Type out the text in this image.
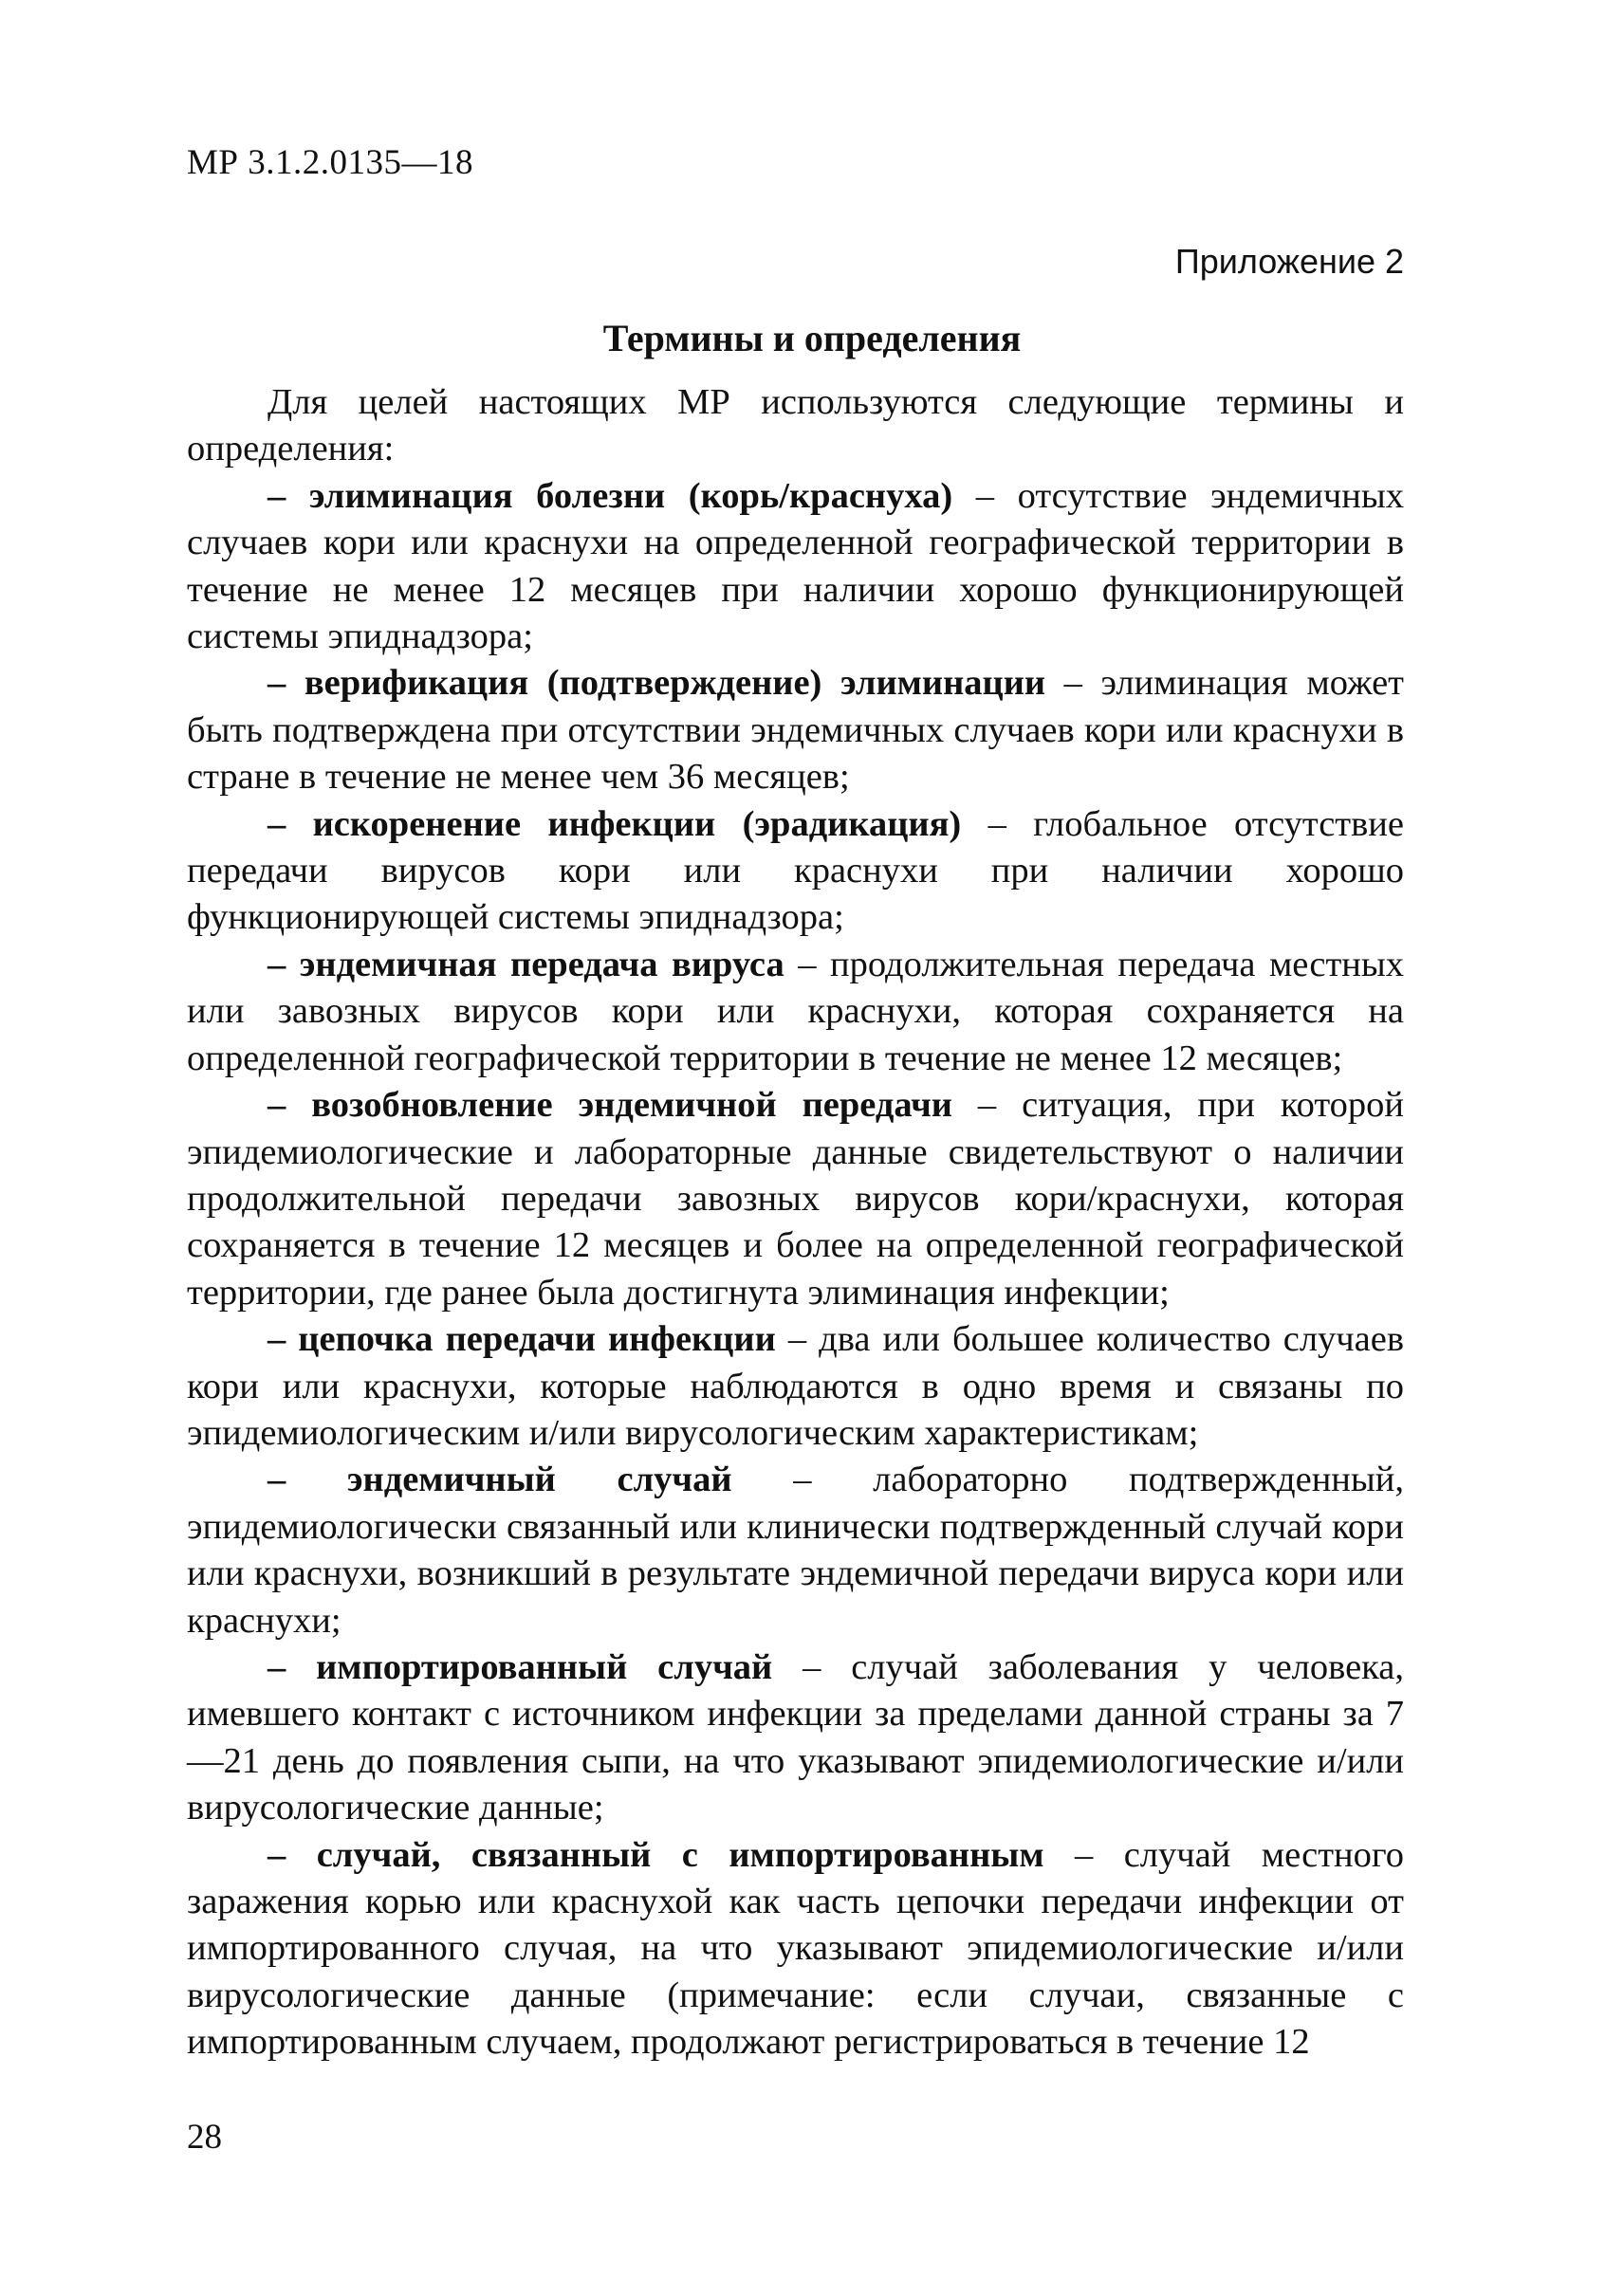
МР 3.1.2.0135—18
Приложение 2
Термины и определения

Для целей настоящих МР используются следующие термины и определения:

– элиминация болезни (корь/краснуха) – отсутствие эндемичных случаев кори или краснухи на определенной географической территории в течение не менее 12 месяцев при наличии хорошо функционирующей системы эпиднадзора;

– верификация (подтверждение) элиминации – элиминация может быть подтверждена при отсутствии эндемичных случаев кори или краснухи в стране в течение не менее чем 36 месяцев;

– искоренение инфекции (эрадикация) – глобальное отсутствие передачи вирусов кори или краснухи при наличии хорошо функционирующей системы эпиднадзора;

– эндемичная передача вируса – продолжительная передача местных или завозных вирусов кори или краснухи, которая сохраняется на определенной географической территории в течение не менее 12 месяцев;

– возобновление эндемичной передачи – ситуация, при которой эпидемиологические и лабораторные данные свидетельствуют о наличии продолжительной передачи завозных вирусов кори/краснухи, которая сохраняется в течение 12 месяцев и более на определенной географической территории, где ранее была достигнута элиминация инфекции;

– цепочка передачи инфекции – два или большее количество случаев кори или краснухи, которые наблюдаются в одно время и связаны по эпидемиологическим и/или вирусологическим характеристикам;

– эндемичный случай – лабораторно подтвержденный, эпидемиологически связанный или клинически подтвержденный случай кори или краснухи, возникший в результате эндемичной передачи вируса кори или краснухи;

– импортированный случай – случай заболевания у человека, имевшего контакт с источником инфекции за пределами данной страны за 7—21 день до появления сыпи, на что указывают эпидемиологические и/или вирусологические данные;

– случай, связанный с импортированным – случай местного заражения корью или краснухой как часть цепочки передачи инфекции от импортированного случая, на что указывают эпидемиологические и/или вирусологические данные (примечание: если случаи, связанные с импортированным случаем, продолжают регистрироваться в течение 12

28
